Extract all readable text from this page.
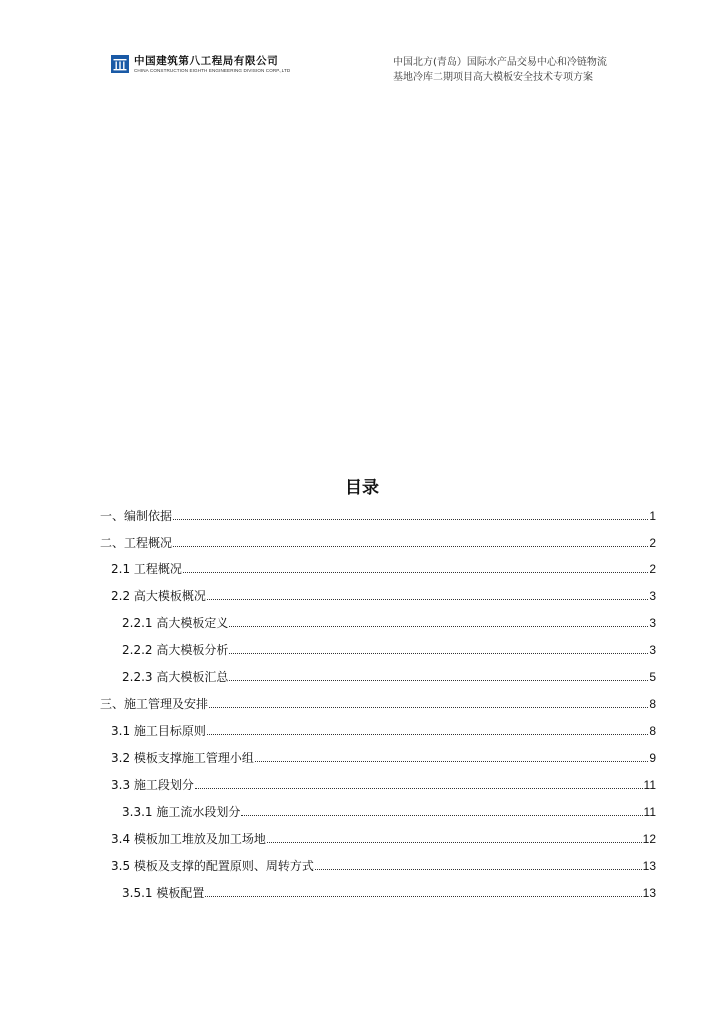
中国建筑第八工程局有限公司
CHINA CONSTRUCTION EIGHTH ENGINEERING DIVISION CORP.,LTD
中国北方(青岛）国际水产品交易中心和冷链物流
基地冷库二期项目高大模板安全技术专项方案
目录
一、编制依据	1
二、工程概况	2
2.1 工程概况	2
2.2 高大模板概况	3
2.2.1 高大模板定义	3
2.2.2 高大模板分析	3
2.2.3 高大模板汇总	5
三、施工管理及安排	8
3.1 施工目标原则	8
3.2 模板支撑施工管理小组	9
3.3 施工段划分	11
3.3.1 施工流水段划分	11
3.4 模板加工堆放及加工场地	12
3.5 模板及支撑的配置原则、周转方式	13
3.5.1 模板配置	13
